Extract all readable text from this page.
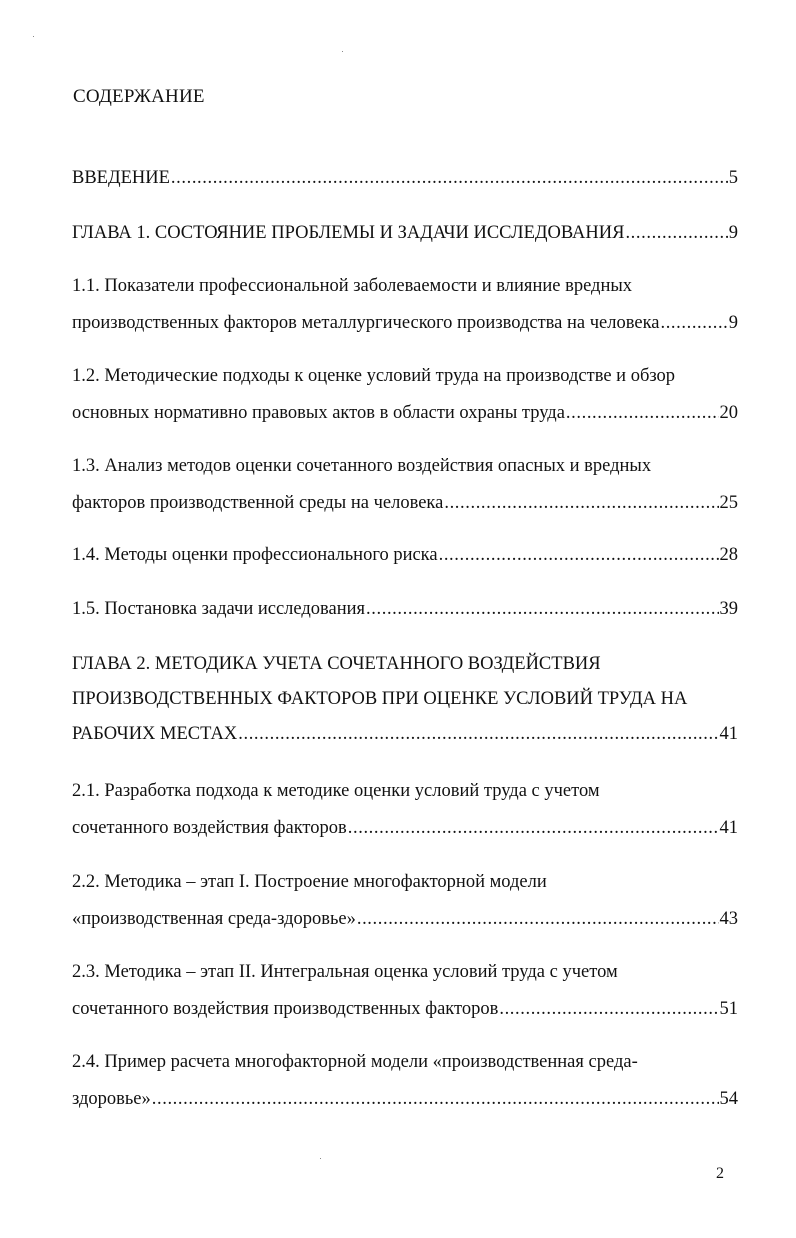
СОДЕРЖАНИЕ
ВВЕДЕНИЕ .....	5
ГЛАВА 1. СОСТОЯНИЕ ПРОБЛЕМЫ И ЗАДАЧИ ИССЛЕДОВАНИЯ .....	9
1.1. Показатели профессиональной заболеваемости и влияние вредных
производственных факторов металлургического производства на человека .....	9
1.2. Методические подходы к оценке условий труда на производстве и обзор
основных нормативно правовых актов в области охраны труда .....	20
1.3. Анализ методов оценки сочетанного воздействия опасных и вредных
факторов производственной среды на человека .....	25
1.4. Методы оценки профессионального риска .....	28
1.5. Постановка задачи исследования .....	39
ГЛАВА 2. МЕТОДИКА УЧЕТА СОЧЕТАННОГО ВОЗДЕЙСТВИЯ
ПРОИЗВОДСТВЕННЫХ ФАКТОРОВ ПРИ ОЦЕНКЕ УСЛОВИЙ ТРУДА НА
РАБОЧИХ МЕСТАХ .....	41
2.1. Разработка подхода к методике оценки условий труда с учетом
сочетанного воздействия факторов .....	41
2.2. Методика – этап I. Построение многофакторной модели
«производственная среда-здоровье» .....	43
2.3. Методика – этап II. Интегральная оценка условий труда с учетом
сочетанного воздействия производственных факторов .....	51
2.4. Пример расчета многофакторной модели «производственная среда-
здоровье» .....	54
2
